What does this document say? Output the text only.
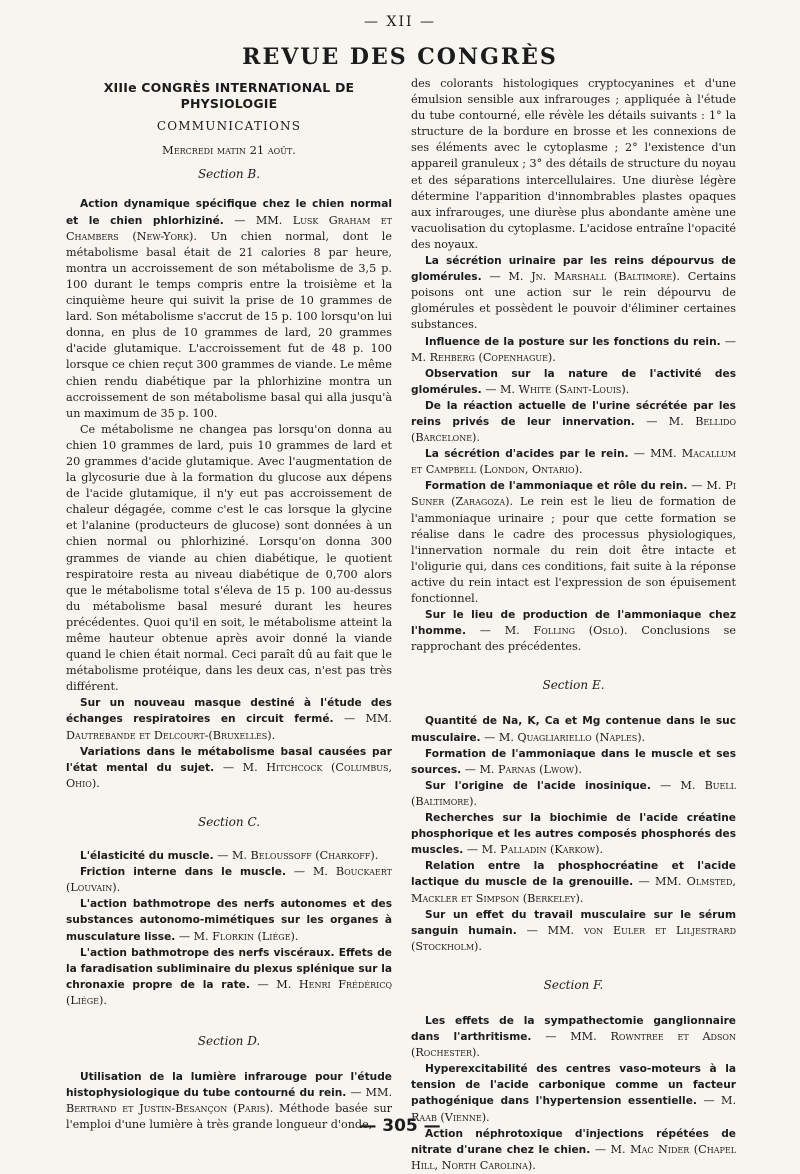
— XII —
REVUE DES CONGRÈS
XIIIe CONGRÈS INTERNATIONAL DE PHYSIOLOGIE
COMMUNICATIONS
Mercredi matin 21 août.
Section B.

Action dynamique spécifique chez le chien normal et le chien phlorhiziné. — MM. Lusk Graham et Chambers (New-York). Un chien normal, dont le métabolisme basal était de 21 calories 8 par heure, montra un accroissement de son métabolisme de 3,5 p. 100 durant le temps compris entre la troisième et la cinquième heure qui suivit la prise de 10 grammes de lard. Son métabolisme s'accrut de 15 p. 100 lorsqu'on lui donna, en plus de 10 grammes de lard, 20 grammes d'acide glutamique. L'accroissement fut de 48 p. 100 lorsque ce chien reçut 300 grammes de viande. Le même chien rendu diabétique par la phlorhizine montra un accroissement de son métabolisme basal qui alla jusqu'à un maximum de 35 p. 100.

Ce métabolisme ne changea pas lorsqu'on donna au chien 10 grammes de lard, puis 10 grammes de lard et 20 grammes d'acide glutamique. Avec l'augmentation de la glycosurie due à la formation du glucose aux dépens de l'acide glutamique, il n'y eut pas accroissement de chaleur dégagée, comme c'est le cas lorsque la glycine et l'alanine (producteurs de glucose) sont données à un chien normal ou phlorhiziné. Lorsqu'on donna 300 grammes de viande au chien diabétique, le quotient respiratoire resta au niveau diabétique de 0,700 alors que le métabolisme total s'éleva de 15 p. 100 au-dessus du métabolisme basal mesuré durant les heures précédentes. Quoi qu'il en soit, le métabolisme atteint la même hauteur obtenue après avoir donné la viande quand le chien était normal. Ceci paraît dû au fait que le métabolisme protéique, dans les deux cas, n'est pas très différent.

Sur un nouveau masque destiné à l'étude des échanges respiratoires en circuit fermé. — MM. Dautrebande et Delcourt-(Bruxelles).

Variations dans le métabolisme basal causées par l'état mental du sujet. — M. Hitchcock (Columbus, Ohio).

Section C.

L'élasticité du muscle. — M. Beloussoff (Charkoff).

Friction interne dans le muscle. — M. Bouckaert (Louvain).

L'action bathmotrope des nerfs autonomes et des substances autonomo-mimétiques sur les organes à musculature lisse. — M. Florkin (Liége).

L'action bathmotrope des nerfs viscéraux. Effets de la faradisation subliminaire du plexus splénique sur la chronaxie propre de la rate. — M. Henri Frédéricq (Liége).

Section D.

Utilisation de la lumière infrarouge pour l'étude histophysiologique du tube contourné du rein. — MM. Bertrand et Justin-Besançon (Paris). Méthode basée sur l'emploi d'une lumière à très grande longueur d'onde,

des colorants histologiques cryptocyanines et d'une émulsion sensible aux infrarouges ; appliquée à l'étude du tube contourné, elle révèle les détails suivants : 1° la structure de la bordure en brosse et les connexions de ses éléments avec le cytoplasme ; 2° l'existence d'un appareil granuleux ; 3° des détails de structure du noyau et des séparations intercellulaires. Une diurèse légère détermine l'apparition d'innombrables plastes opaques aux infrarouges, une diurèse plus abondante amène une vacuolisation du cytoplasme. L'acidose entraîne l'opacité des noyaux.

La sécrétion urinaire par les reins dépourvus de glomérules. — M. Jn. Marshall (Baltimore). Certains poisons ont une action sur le rein dépourvu de glomérules et possèdent le pouvoir d'éliminer certaines substances.

Influence de la posture sur les fonctions du rein. — M. Rehberg (Copenhague).

Observation sur la nature de l'activité des glomérules. — M. White (Saint-Louis).

De la réaction actuelle de l'urine sécrétée par les reins privés de leur innervation. — M. Bellido (Barcelone).

La sécrétion d'acides par le rein. — MM. Macallum et Campbell (London, Ontario).

Formation de l'ammoniaque et rôle du rein. — M. Pi Suner (Zaragoza). Le rein est le lieu de formation de l'ammoniaque urinaire ; pour que cette formation se réalise dans le cadre des processus physiologiques, l'innervation normale du rein doit être intacte et l'oligurie qui, dans ces conditions, fait suite à la réponse active du rein intact est l'expression de son épuisement fonctionnel.

Sur le lieu de production de l'ammoniaque chez l'homme. — M. Folling (Oslo). Conclusions se rapprochant des précédentes.

Section E.

Quantité de Na, K, Ca et Mg contenue dans le suc musculaire. — M. Quagliariello (Naples).

Formation de l'ammoniaque dans le muscle et ses sources. — M. Parnas (Lwow).

Sur l'origine de l'acide inosinique. — M. Buell (Baltimore).

Recherches sur la biochimie de l'acide créatine phosphorique et les autres composés phosphorés des muscles. — M. Palladin (Karkow).

Relation entre la phosphocréatine et l'acide lactique du muscle de la grenouille. — MM. Olmsted, Mackler et Simpson (Berkeley).

Sur un effet du travail musculaire sur le sérum sanguin humain. — MM. von Euler et Liljestrard (Stockholm).

Section F.

Les effets de la sympathectomie ganglionnaire dans l'arthritisme. — MM. Rowntree et Adson (Rochester).

Hyperexcitabilité des centres vaso-moteurs à la tension de l'acide carbonique comme un facteur pathogénique dans l'hypertension essentielle. — M. Raab (Vienne).

Action néphrotoxique d'injections répétées de nitrate d'urane chez le chien. — M. Mac Nider (Chapel Hill, North Carolina).

— 305 —
